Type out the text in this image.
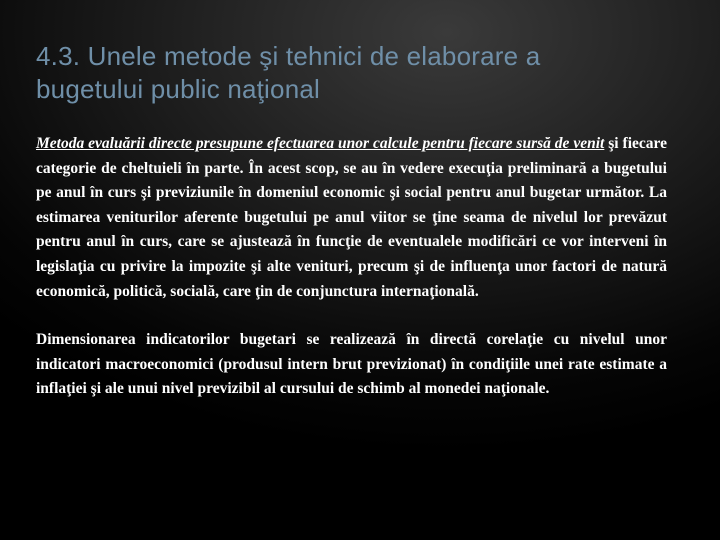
4.3. Unele metode şi tehnici de elaborare a bugetului public naţional

Metoda evaluării directe presupune efectuarea unor calcule pentru fiecare sursă de venit şi fiecare categorie de cheltuieli în parte. În acest scop, se au în vedere execuţia preliminară a bugetului pe anul în curs şi previziunile în domeniul economic şi social pentru anul bugetar următor. La estimarea veniturilor aferente bugetului pe anul viitor se ţine seama de nivelul lor prevăzut pentru anul în curs, care se ajustează în funcţie de eventualele modificări ce vor interveni în legislaţia cu privire la impozite şi alte venituri, precum şi de influenţa unor factori de natură economică, politică, socială, care ţin de conjunctura internaţională.

Dimensionarea indicatorilor bugetari se realizează în directă corelaţie cu nivelul unor indicatori macroeconomici (produsul intern brut previzionat) în condiţiile unei rate estimate a inflaţiei şi ale unui nivel previzibil al cursului de schimb al monedei naţionale.
